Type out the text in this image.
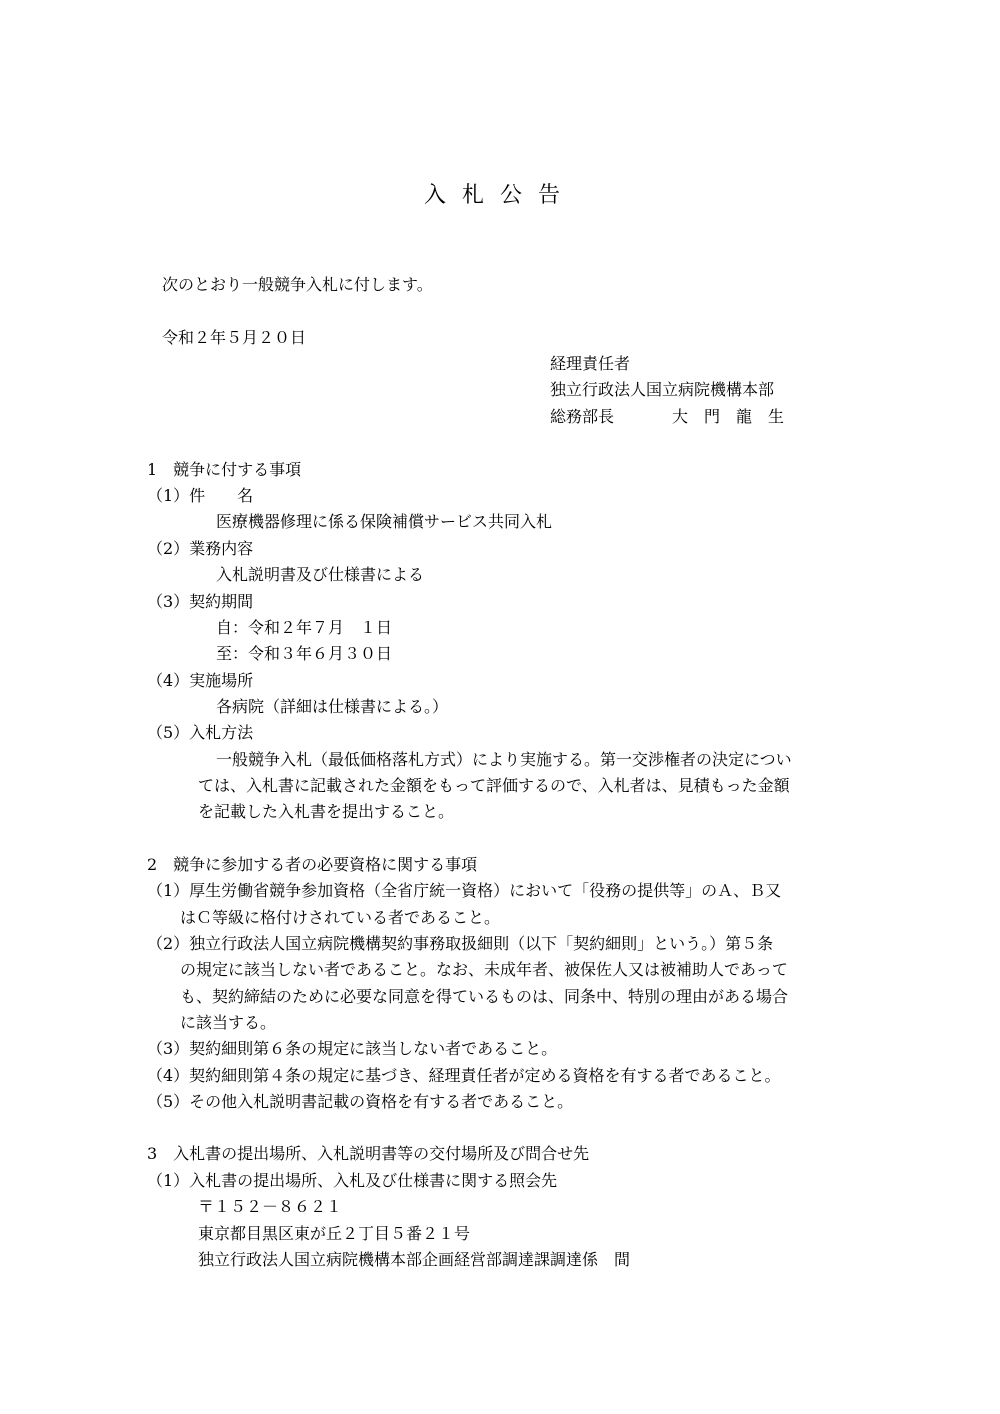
入札公告
次のとおり一般競争入札に付します。
令和２年５月２０日
経理責任者
独立行政法人国立病院機構本部
総務部長	大　門　龍　生
1　競争に付する事項
（1）件　　名
医療機器修理に係る保険補償サービス共同入札
（2）業務内容
入札説明書及び仕様書による
（3）契約期間
自：令和２年７月　１日
至：令和３年６月３０日
（4）実施場所
各病院（詳細は仕様書による。）
（5）入札方法
一般競争入札（最低価格落札方式）により実施する。第一交渉権者の決定につい
ては、入札書に記載された金額をもって評価するので、入札者は、見積もった金額
を記載した入札書を提出すること。
2　競争に参加する者の必要資格に関する事項
（1）厚生労働省競争参加資格（全省庁統一資格）において「役務の提供等」のＡ、Ｂ又
はＣ等級に格付けされている者であること。
（2）独立行政法人国立病院機構契約事務取扱細則（以下「契約細則」という。）第５条
の規定に該当しない者であること。なお、未成年者、被保佐人又は被補助人であって
も、契約締結のために必要な同意を得ているものは、同条中、特別の理由がある場合
に該当する。
（3）契約細則第６条の規定に該当しない者であること。
（4）契約細則第４条の規定に基づき、経理責任者が定める資格を有する者であること。
（5）その他入札説明書記載の資格を有する者であること。
3　入札書の提出場所、入札説明書等の交付場所及び問合せ先
（1）入札書の提出場所、入札及び仕様書に関する照会先
〒１５２－８６２１
東京都目黒区東が丘２丁目５番２１号
独立行政法人国立病院機構本部企画経営部調達課調達係　間
